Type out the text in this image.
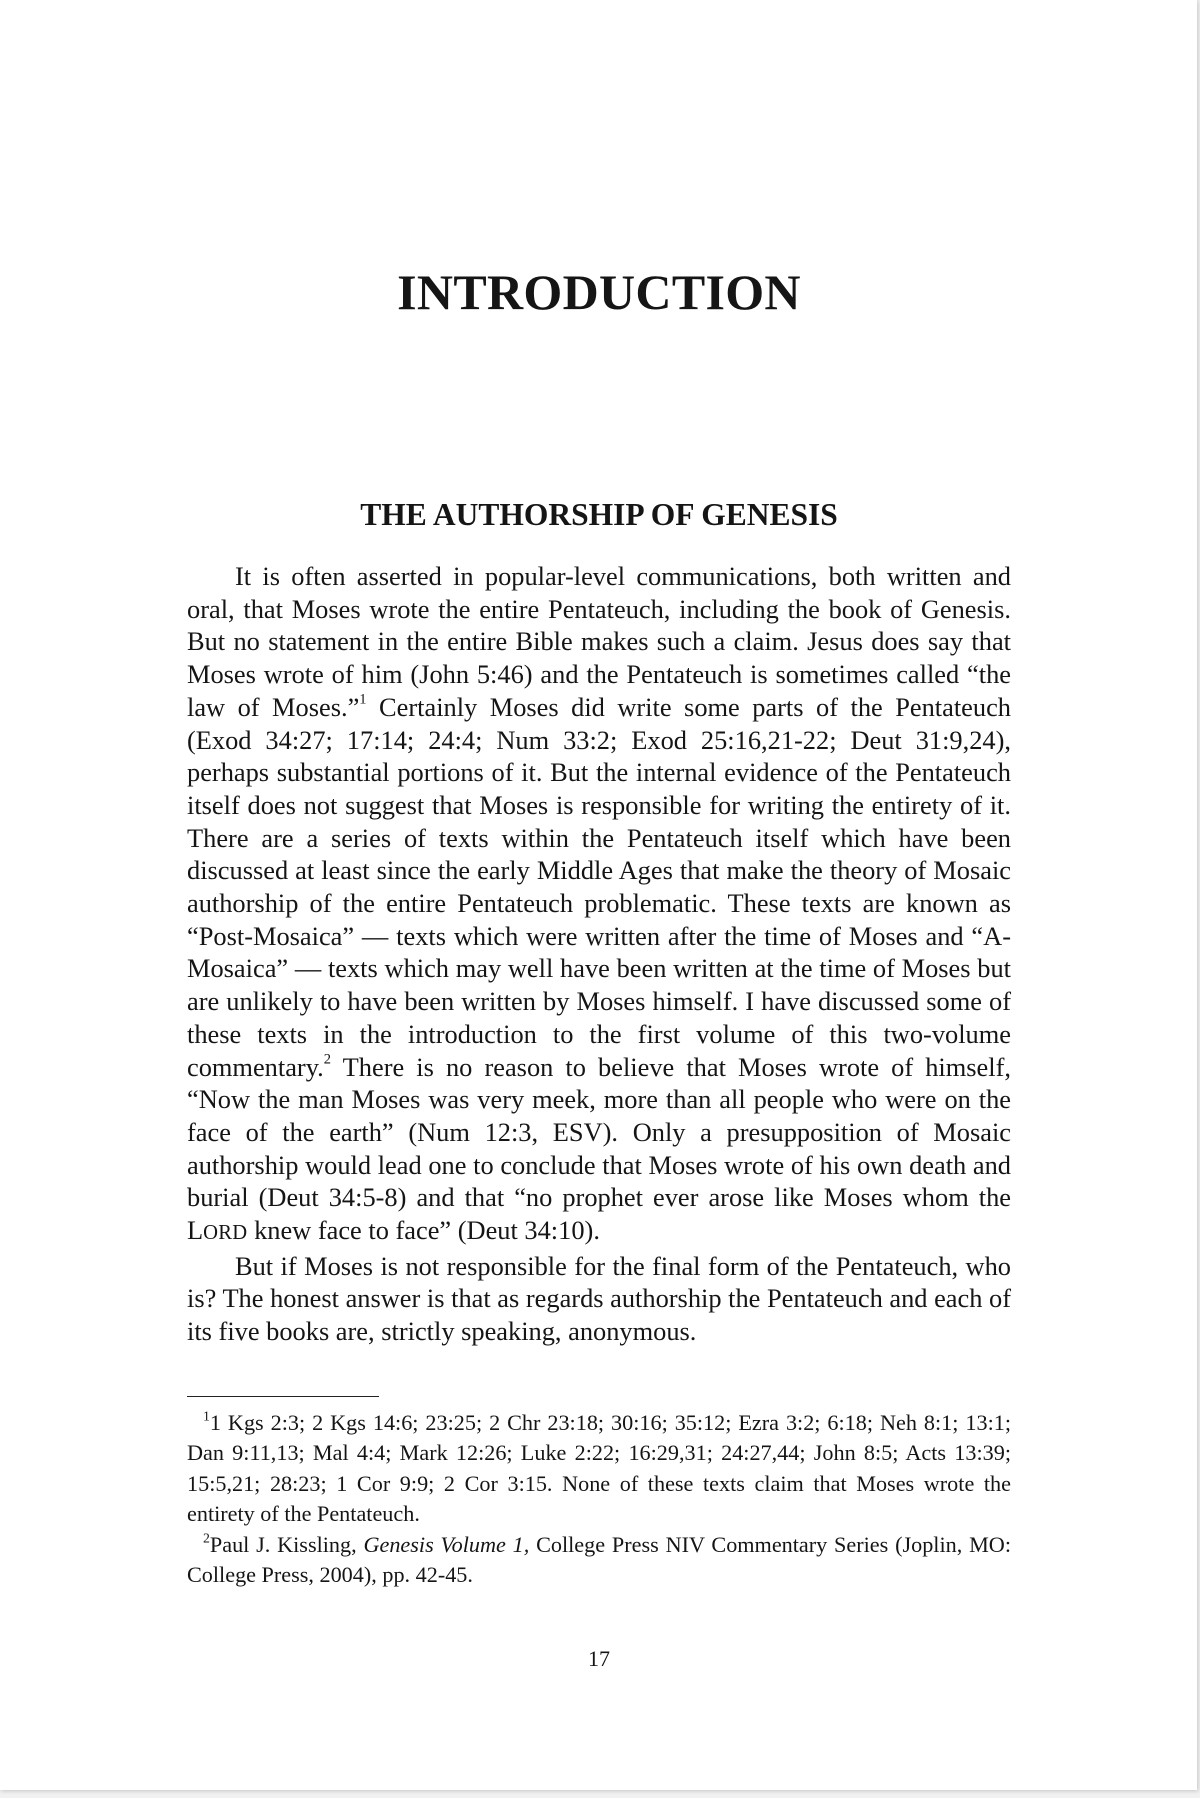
INTRODUCTION
THE AUTHORSHIP OF GENESIS

It is often asserted in popular-level communications, both written and oral, that Moses wrote the entire Pentateuch, including the book of Genesis. But no statement in the entire Bible makes such a claim. Jesus does say that Moses wrote of him (John 5:46) and the Pentateuch is sometimes called “the law of Moses.”$^1$ Certainly Moses did write some parts of the Pentateuch (Exod 34:27; 17:14; 24:4; Num 33:2; Exod 25:16,21-22; Deut 31:9,24), perhaps substantial portions of it. But the internal evidence of the Pentateuch itself does not suggest that Moses is responsible for writing the entirety of it. There are a series of texts within the Pentateuch itself which have been discussed at least since the early Middle Ages that make the theory of Mosaic authorship of the entire Pentateuch problematic. These texts are known as “Post-Mosaica” — texts which were written after the time of Moses and “A-Mosaica” — texts which may well have been written at the time of Moses but are unlikely to have been written by Moses himself. I have discussed some of these texts in the introduction to the first volume of this two-volume commentary.$^2$ There is no reason to believe that Moses wrote of himself, “Now the man Moses was very meek, more than all people who were on the face of the earth” (Num 12:3, ESV). Only a presupposition of Mosaic authorship would lead one to conclude that Moses wrote of his own death and burial (Deut 34:5-8) and that “no prophet ever arose like Moses whom the LORD knew face to face” (Deut 34:10).

But if Moses is not responsible for the final form of the Pentateuch, who is? The honest answer is that as regards authorship the Pentateuch and each of its five books are, strictly speaking, anonymous.

$^1$1 Kgs 2:3; 2 Kgs 14:6; 23:25; 2 Chr 23:18; 30:16; 35:12; Ezra 3:2; 6:18; Neh 8:1; 13:1; Dan 9:11,13; Mal 4:4; Mark 12:26; Luke 2:22; 16:29,31; 24:27,44; John 8:5; Acts 13:39; 15:5,21; 28:23; 1 Cor 9:9; 2 Cor 3:15. None of these texts claim that Moses wrote the entirety of the Pentateuch.

$^2$Paul J. Kissling, Genesis Volume 1, College Press NIV Commentary Series (Joplin, MO: College Press, 2004), pp. 42-45.

17
